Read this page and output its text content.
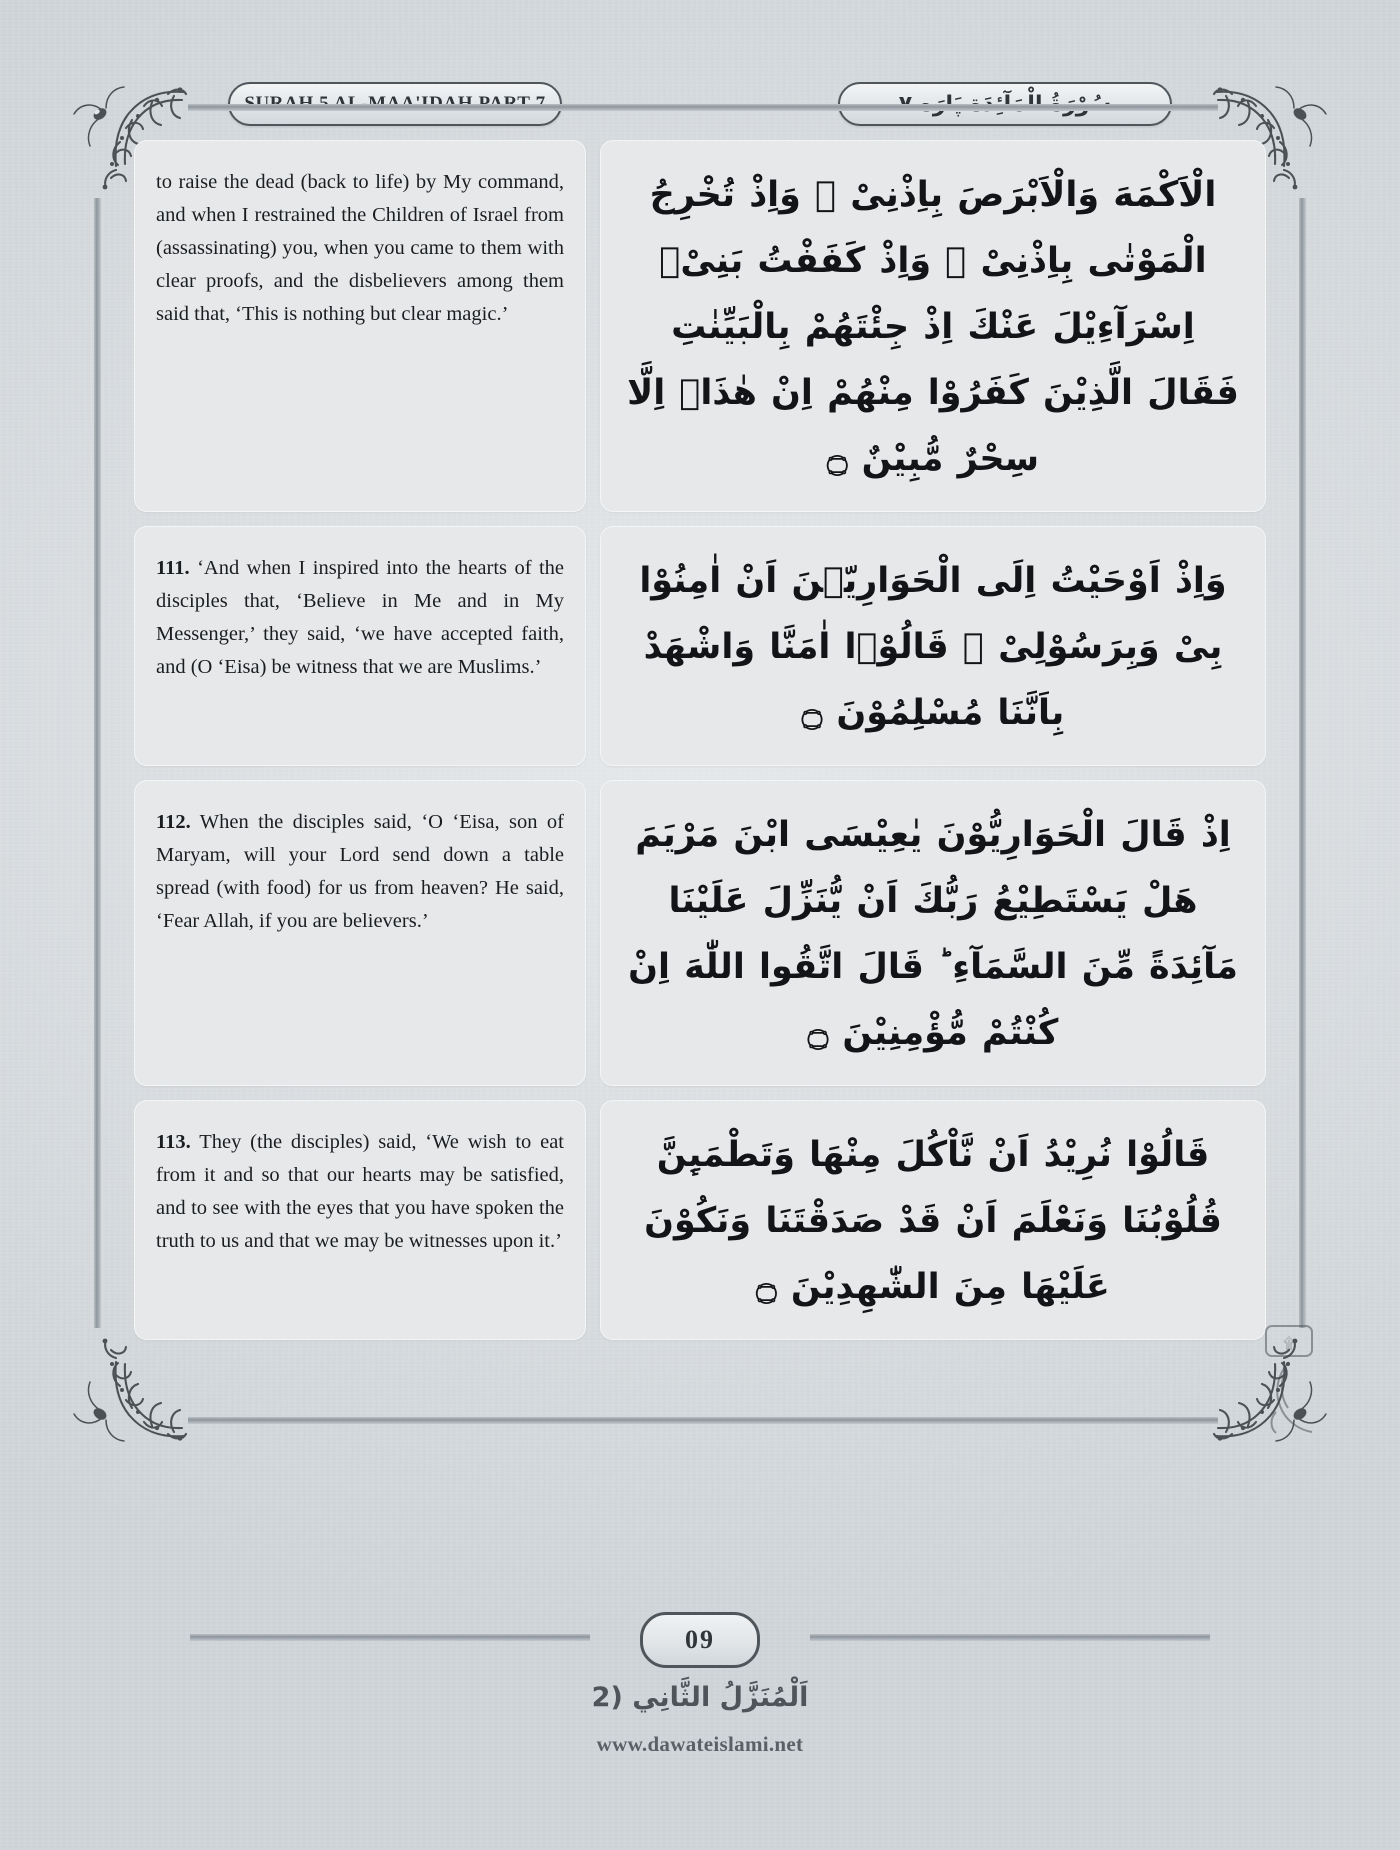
to raise the dead (back to life) by My command, and when I restrained the Children of Israel from (assassinating) you, when you came to them with clear proofs, and the disbelievers among them said that, ‘This is nothing but clear magic.’

الْاَكْمَهَ وَالْاَبْرَصَ بِاِذْنِیْ ۚ وَاِذْ تُخْرِجُ الْمَوْتٰى بِاِذْنِیْ ۚ وَاِذْ كَفَفْتُ بَنِیْۤ اِسْرَآءِیْلَ عَنْكَ اِذْ جِئْتَهُمْ بِالْبَیِّنٰتِ فَقَالَ الَّذِیْنَ كَفَرُوْا مِنْهُمْ اِنْ هٰذَاۤ اِلَّا سِحْرٌ مُّبِیْنٌ ۝

111. ‘And when I inspired into the hearts of the disciples that, ‘Believe in Me and in My Messenger,’ they said, ‘we have accepted faith, and (O ‘Eisa) be witness that we are Muslims.’

وَاِذْ اَوْحَیْتُ اِلَى الْحَوَارِیّٖنَ اَنْ اٰمِنُوْا بِیْ وَبِرَسُوْلِیْ ۚ قَالُوْۤا اٰمَنَّا وَاشْهَدْ بِاَنَّنَا مُسْلِمُوْنَ ۝

112. When the disciples said, ‘O ‘Eisa, son of Maryam, will your Lord send down a table spread (with food) for us from heaven? He said, ‘Fear Allah, if you are believers.’

اِذْ قَالَ الْحَوَارِیُّوْنَ یٰعِیْسَى ابْنَ مَرْیَمَ هَلْ یَسْتَطِیْعُ رَبُّكَ اَنْ یُّنَزِّلَ عَلَیْنَا مَآئِدَةً مِّنَ السَّمَآءِ ؕ قَالَ اتَّقُوا اللّٰهَ اِنْ كُنْتُمْ مُّؤْمِنِیْنَ ۝

113. They (the disciples) said, ‘We wish to eat from it and so that our hearts may be satisfied, and to see with the eyes that you have spoken the truth to us and that we may be witnesses upon it.’

قَالُوْا نُرِیْدُ اَنْ نَّاْكُلَ مِنْهَا وَتَطْمَىِٕنَّ قُلُوْبُنَا وَنَعْلَمَ اَنْ قَدْ صَدَقْتَنَا وَنَكُوْنَ عَلَیْهَا مِنَ الشّٰهِدِیْنَ ۝

۩
09
اَلْمُنَزَّلُ الثَّانِي (2
www.dawateislami.net
